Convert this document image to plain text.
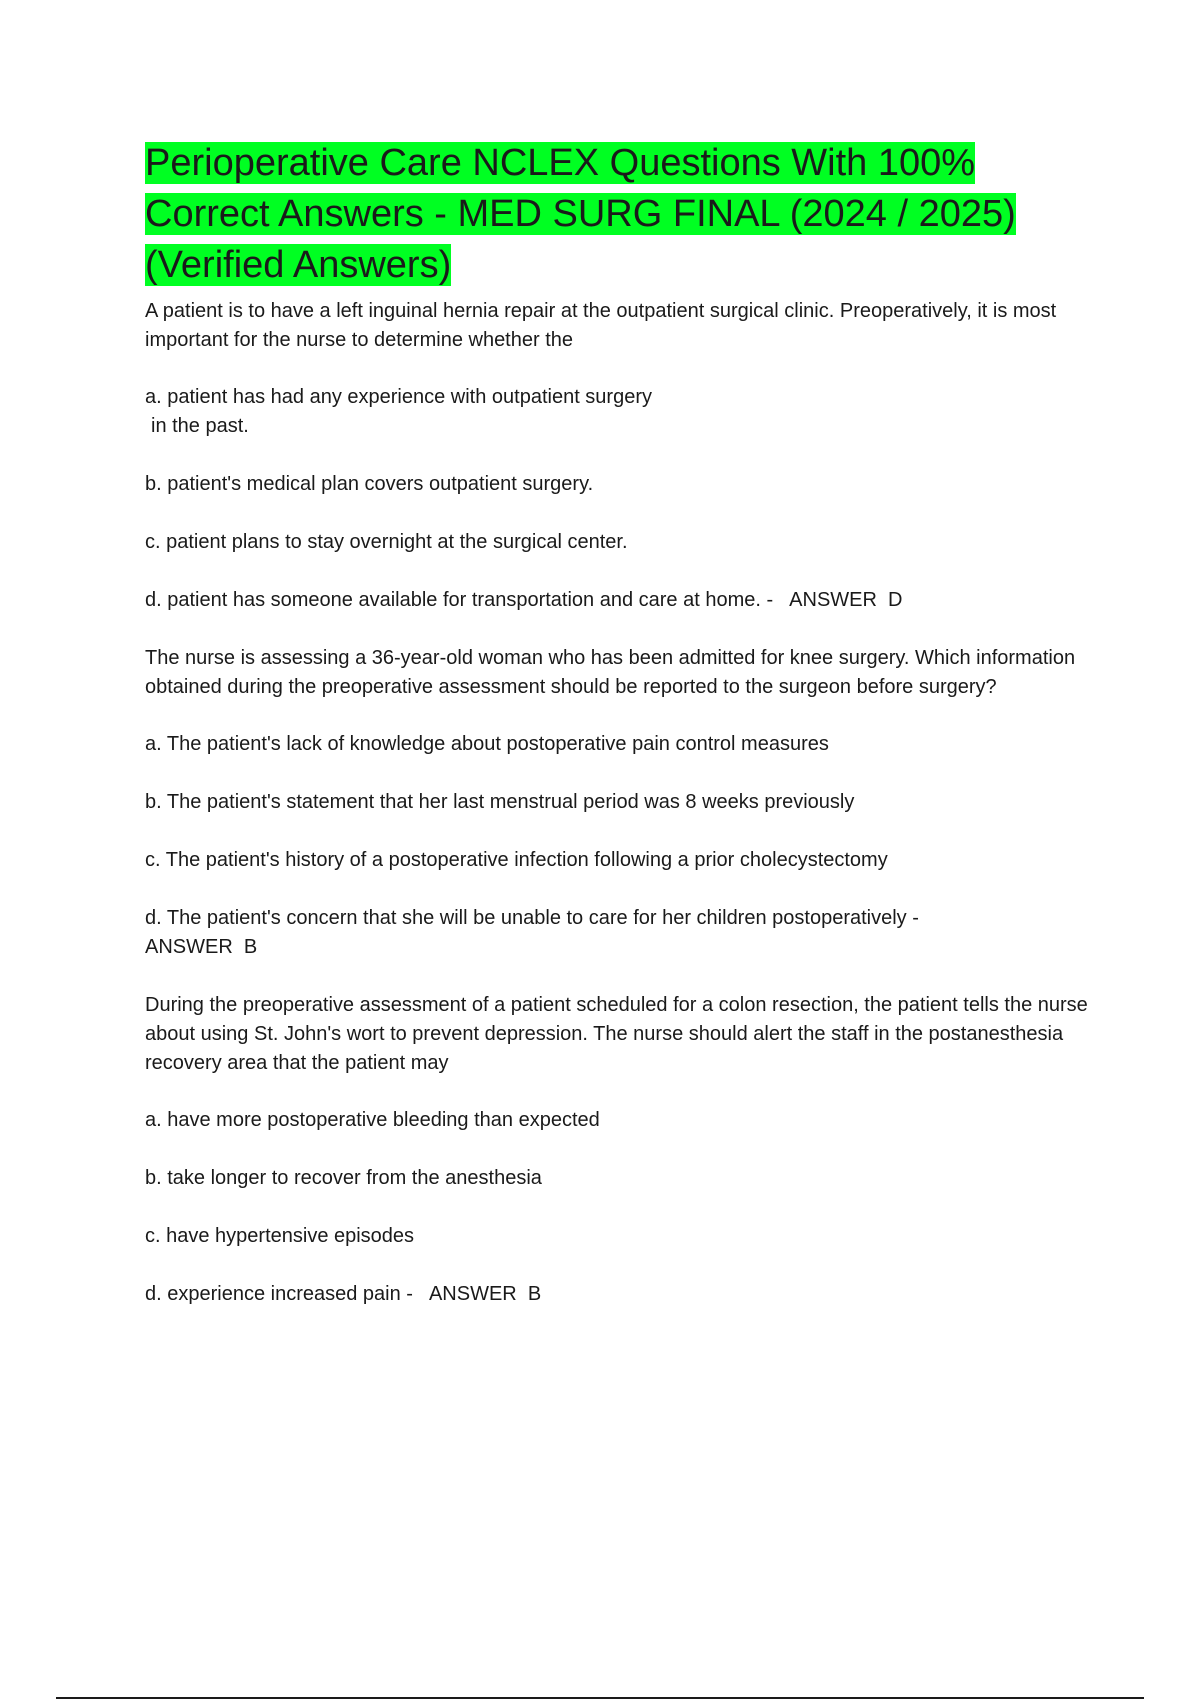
Perioperative Care NCLEX Questions With 100% Correct Answers - MED SURG FINAL (2024 / 2025) (Verified Answers)

A patient is to have a left inguinal hernia repair at the outpatient surgical clinic. Preoperatively, it is most important for the nurse to determine whether the

a. patient has had any experience with outpatient surgery
in the past.

b. patient's medical plan covers outpatient surgery.

c. patient plans to stay overnight at the surgical center.

d. patient has someone available for transportation and care at home. - ANSWER  D

The nurse is assessing a 36-year-old woman who has been admitted for knee surgery. Which information obtained during the preoperative assessment should be reported to the surgeon before surgery?

a. The patient's lack of knowledge about postoperative pain control measures

b. The patient's statement that her last menstrual period was 8 weeks previously

c. The patient's history of a postoperative infection following a prior cholecystectomy

d. The patient's concern that she will be unable to care for her children postoperatively -
ANSWER  B

During the preoperative assessment of a patient scheduled for a colon resection, the patient tells the nurse about using St. John's wort to prevent depression. The nurse should alert the staff in the postanesthesia recovery area that the patient may

a. have more postoperative bleeding than expected

b. take longer to recover from the anesthesia

c. have hypertensive episodes

d. experience increased pain - ANSWER  B
